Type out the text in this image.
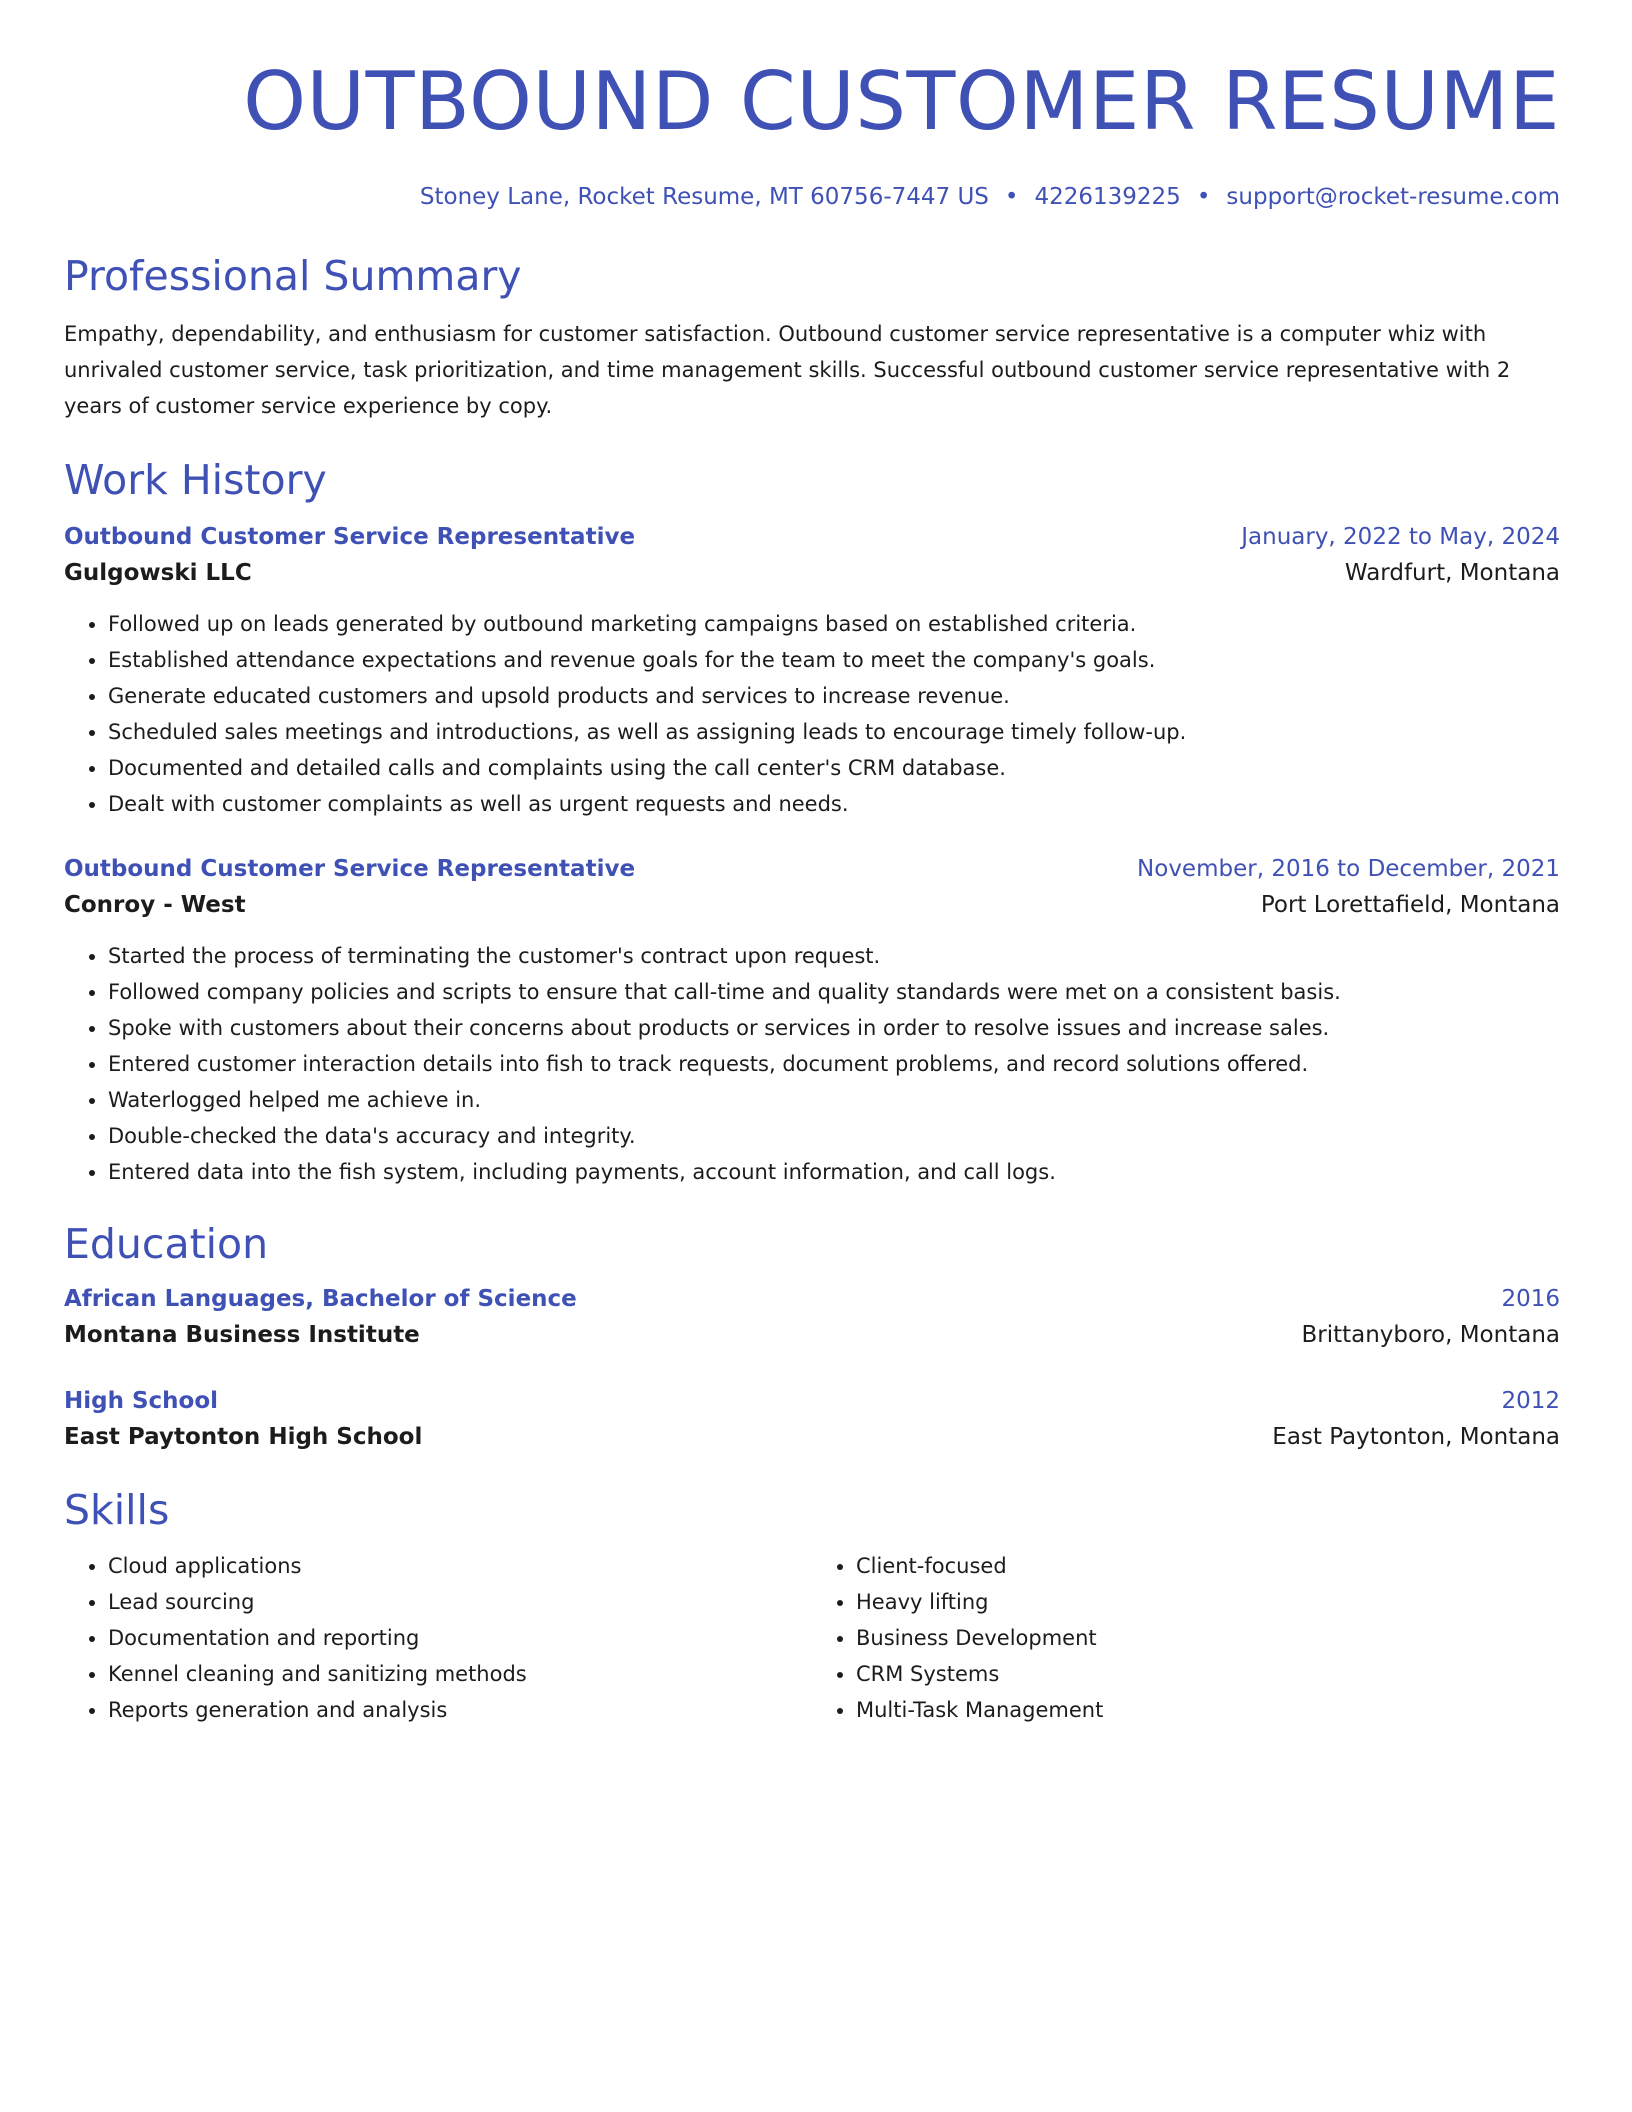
OUTBOUND CUSTOMER RESUME
Stoney Lane, Rocket Resume, MT 60756-7447 US • 4226139225 • support@rocket-resume.com
Professional Summary
Empathy, dependability, and enthusiasm for customer satisfaction. Outbound customer service representative is a computer whiz with unrivaled customer service, task prioritization, and time management skills. Successful outbound customer service representative with 2 years of customer service experience by copy.
Work History
Outbound Customer Service Representative	January, 2022 to May, 2024
Gulgowski LLC	Wardfurt, Montana
• Followed up on leads generated by outbound marketing campaigns based on established criteria.
• Established attendance expectations and revenue goals for the team to meet the company's goals.
• Generate educated customers and upsold products and services to increase revenue.
• Scheduled sales meetings and introductions, as well as assigning leads to encourage timely follow-up.
• Documented and detailed calls and complaints using the call center's CRM database.
• Dealt with customer complaints as well as urgent requests and needs.
Outbound Customer Service Representative	November, 2016 to December, 2021
Conroy - West	Port Lorettafield, Montana
• Started the process of terminating the customer's contract upon request.
• Followed company policies and scripts to ensure that call-time and quality standards were met on a consistent basis.
• Spoke with customers about their concerns about products or services in order to resolve issues and increase sales.
• Entered customer interaction details into fish to track requests, document problems, and record solutions offered.
• Waterlogged helped me achieve in.
• Double-checked the data's accuracy and integrity.
• Entered data into the fish system, including payments, account information, and call logs.
Education
African Languages, Bachelor of Science	2016
Montana Business Institute	Brittanyboro, Montana
High School	2012
East Paytonton High School	East Paytonton, Montana
Skills
• Cloud applications
• Lead sourcing
• Documentation and reporting
• Kennel cleaning and sanitizing methods
• Reports generation and analysis
• Client-focused
• Heavy lifting
• Business Development
• CRM Systems
• Multi-Task Management
